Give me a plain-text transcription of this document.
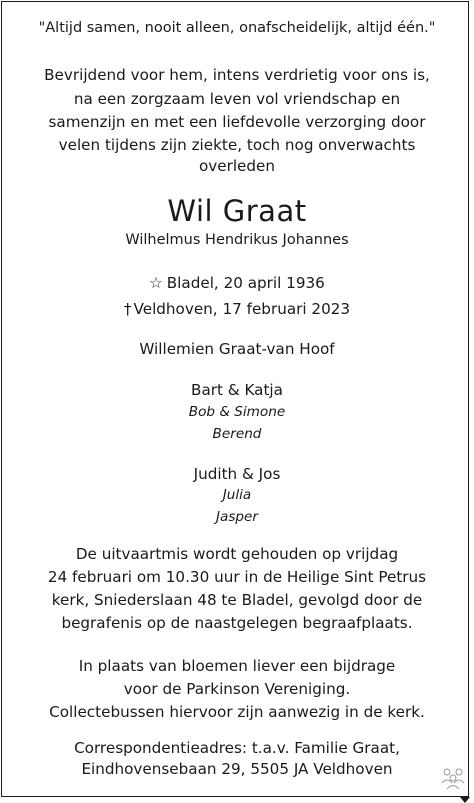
"Altijd samen, nooit alleen, onafscheidelijk, altijd één."
Bevrijdend voor hem, intens verdrietig voor ons is,
na een zorgzaam leven vol vriendschap en
samenzijn en met een liefdevolle verzorging door
velen tijdens zijn ziekte, toch nog onverwachts
overleden
Wil Graat
Wilhelmus Hendrikus Johannes
☆ Bladel, 20 april 1936
† Veldhoven, 17 februari 2023
Willemien Graat-van Hoof
Bart & Katja
Bob & Simone
Berend
Judith & Jos
Julia
Jasper
De uitvaartmis wordt gehouden op vrijdag
24 februari om 10.30 uur in de Heilige Sint Petrus
kerk, Sniederslaan 48 te Bladel, gevolgd door de
begrafenis op de naastgelegen begraafplaats.
In plaats van bloemen liever een bijdrage
voor de Parkinson Vereniging.
Collectebussen hiervoor zijn aanwezig in de kerk.
Correspondentieadres: t.a.v. Familie Graat,
Eindhovensebaan 29, 5505 JA Veldhoven
